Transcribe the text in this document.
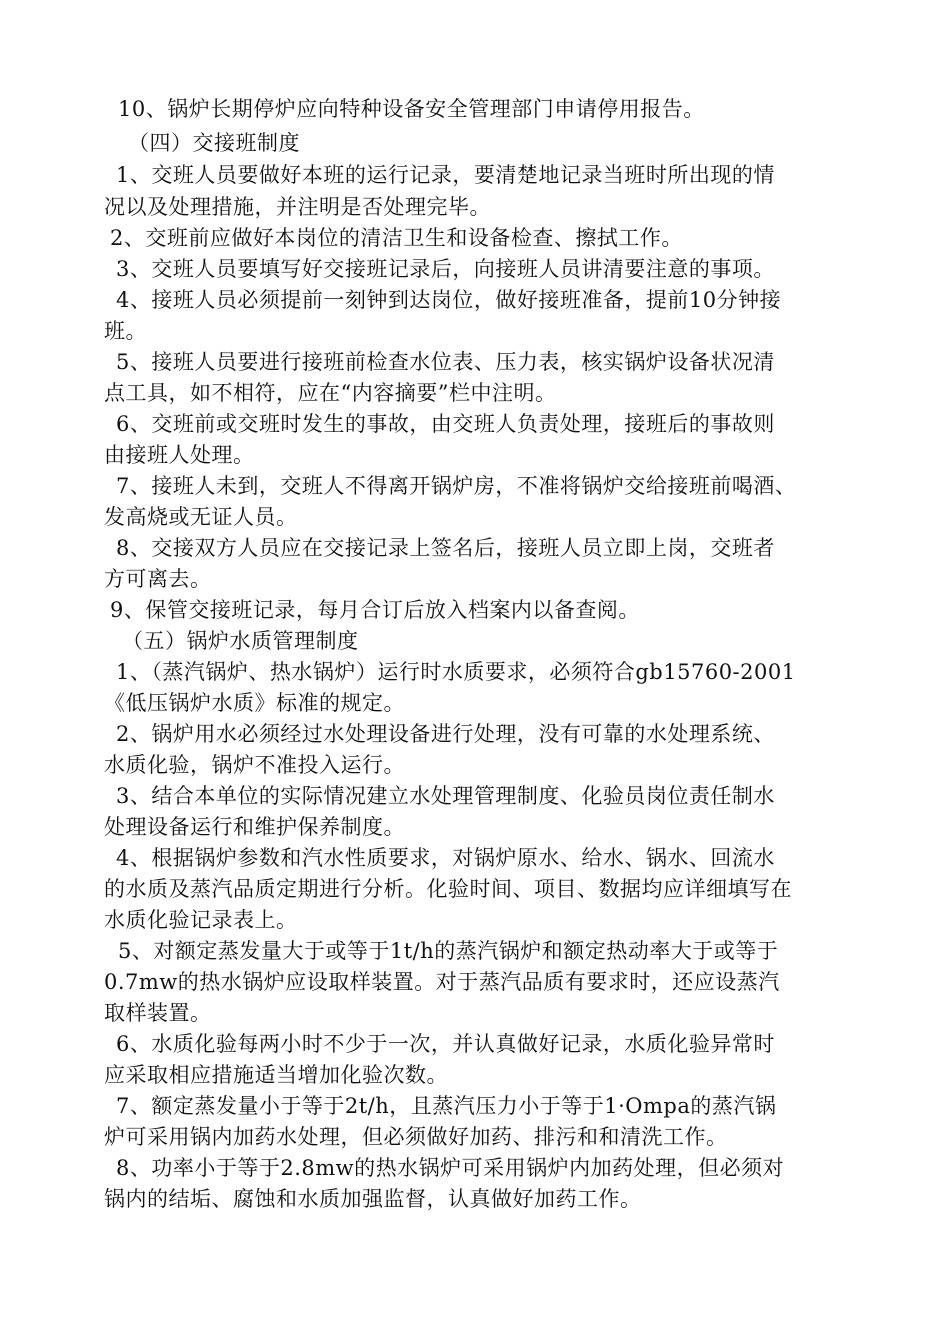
10、锅炉长期停炉应向特种设备安全管理部门申请停用报告。
（四）交接班制度
1、交班人员要做好本班的运行记录，要清楚地记录当班时所出现的情
况以及处理措施，并注明是否处理完毕。
2、交班前应做好本岗位的清洁卫生和设备检查、擦拭工作。
3、交班人员要填写好交接班记录后，向接班人员讲清要注意的事项。
4、接班人员必须提前一刻钟到达岗位，做好接班准备，提前10分钟接
班。
5、接班人员要进行接班前检查水位表、压力表，核实锅炉设备状况清
点工具，如不相符，应在“内容摘要”栏中注明。
6、交班前或交班时发生的事故，由交班人负责处理，接班后的事故则
由接班人处理。
7、接班人未到，交班人不得离开锅炉房，不准将锅炉交给接班前喝酒、
发高烧或无证人员。
8、交接双方人员应在交接记录上签名后，接班人员立即上岗，交班者
方可离去。
9、保管交接班记录，每月合订后放入档案内以备查阅。
（五）锅炉水质管理制度
1、（蒸汽锅炉、热水锅炉）运行时水质要求，必须符合gb15760-2001
《低压锅炉水质》标准的规定。
2、锅炉用水必须经过水处理设备进行处理，没有可靠的水处理系统、
水质化验，锅炉不准投入运行。
3、结合本单位的实际情况建立水处理管理制度、化验员岗位责任制水
处理设备运行和维护保养制度。
4、根据锅炉参数和汽水性质要求，对锅炉原水、给水、锅水、回流水
的水质及蒸汽品质定期进行分析。化验时间、项目、数据均应详细填写在
水质化验记录表上。
5、对额定蒸发量大于或等于1t/h的蒸汽锅炉和额定热动率大于或等于
0.7mw的热水锅炉应设取样装置。对于蒸汽品质有要求时，还应设蒸汽
取样装置。
6、水质化验每两小时不少于一次，并认真做好记录，水质化验异常时
应采取相应措施适当增加化验次数。
7、额定蒸发量小于等于2t/h，且蒸汽压力小于等于1·Ompa的蒸汽锅
炉可采用锅内加药水处理，但必须做好加药、排污和和清洗工作。
8、功率小于等于2.8mw的热水锅炉可采用锅炉内加药处理，但必须对
锅内的结垢、腐蚀和水质加强监督，认真做好加药工作。
